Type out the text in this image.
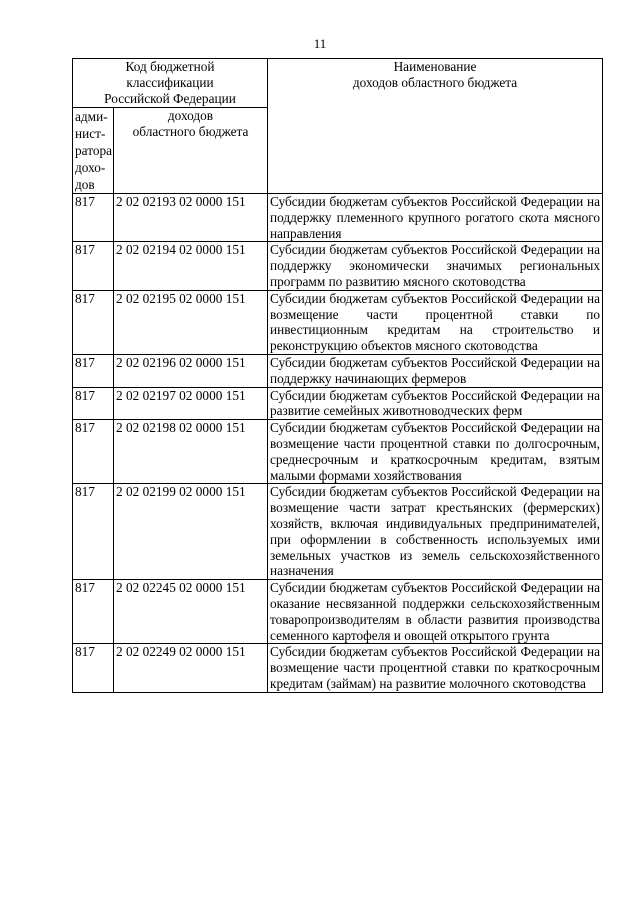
11
Код бюджетной
классификации
Российской Федерации		Наименование
доходов областного бюджета

адми-
нист-
ратора
дохо-
дов	доходов
областного бюджета	

817	2 02 02193 02 0000 151	Субсидии бюджетам субъектов Российской Федерации на поддержку племенного крупного рогатого скота мясного направления
817	2 02 02194 02 0000 151	Субсидии бюджетам субъектов Российской Федерации на поддержку экономически значимых региональных программ по развитию мясного скотоводства
817	2 02 02195 02 0000 151	Субсидии бюджетам субъектов Российской Федерации на возмещение части процентной ставки по инвестиционным кредитам на строительство и реконструкцию объектов мясного скотоводства
817	2 02 02196 02 0000 151	Субсидии бюджетам субъектов Российской Федерации на поддержку начинающих фермеров
817	2 02 02197 02 0000 151	Субсидии бюджетам субъектов Российской Федерации на развитие семейных животноводческих ферм
817	2 02 02198 02 0000 151	Субсидии бюджетам субъектов Российской Федерации на возмещение части процентной ставки по долгосрочным, среднесрочным и краткосрочным кредитам, взятым малыми формами хозяйствования
817	2 02 02199 02 0000 151	Субсидии бюджетам субъектов Российской Федерации на возмещение части затрат крестьянских (фермерских) хозяйств, включая индивидуальных предпринимателей, при оформлении в собственность используемых ими земельных участков из земель сельскохозяйственного назначения
817	2 02 02245 02 0000 151	Субсидии бюджетам субъектов Российской Федерации на оказание несвязанной поддержки сельскохозяйственным товаропроизводителям в области развития производства семенного картофеля и овощей открытого грунта
817	2 02 02249 02 0000 151	Субсидии бюджетам субъектов Российской Федерации на возмещение части процентной ставки по краткосрочным кредитам (займам) на развитие молочного скотоводства
